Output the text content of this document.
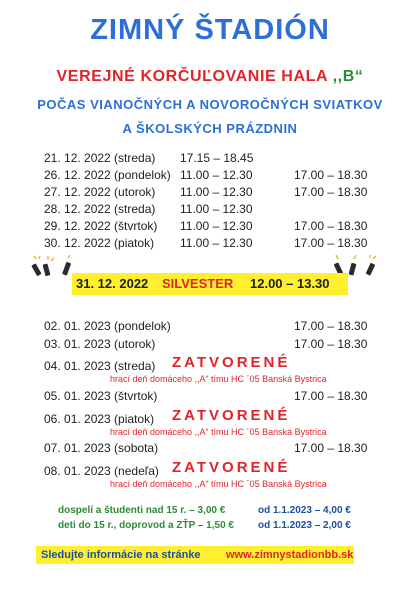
ZIMNÝ ŠTADIÓN
VEREJNÉ KORČUĽOVANIE HALA ,,B“
POČAS VIANOČNÝCH A NOVOROČNÝCH SVIATKOV
A ŠKOLSKÝCH PRÁZDNIN
21. 12. 2022 (streda) 17.15 – 18.45
26. 12. 2022 (pondelok) 11.00 – 12.30	17.00 – 18.30
27. 12. 2022 (utorok) 11.00 – 12.30	17.00 – 18.30
28. 12. 2022 (streda) 11.00 – 12.30
29. 12. 2022 (štvrtok) 11.00 – 12.30	17.00 – 18.30
30. 12. 2022 (piatok) 11.00 – 12.30	17.00 – 18.30
31. 12. 2022 SILVESTER 12.00 – 13.30
02. 01. 2023 (pondelok)	17.00 – 18.30
03. 01. 2023 (utorok)	17.00 – 18.30
04. 01. 2023 (streda) ZATVORENÉ
hrací deň domáceho ,,A“ tímu HC ´05 Banská Bystrica
05. 01. 2023 (štvrtok)	17.00 – 18.30
06. 01. 2023 (piatok) ZATVORENÉ
hrací deň domáceho ,,A“ tímu HC ´05 Banská Bystrica
07. 01. 2023 (sobota)	17.00 – 18.30
08. 01. 2023 (nedeľa) ZATVORENÉ
hrací deň domáceho ,,A“ tímu HC ´05 Banská Bystrica
dospelí a študenti nad 15 r. – 3,00 €	od 1.1.2023 – 4,00 €
deti do 15 r., doprovod a ZŤP – 1,50 € od 1.1.2023 – 2,00 €
Sledujte informácie na stránke www.zimnystadionbb.sk
